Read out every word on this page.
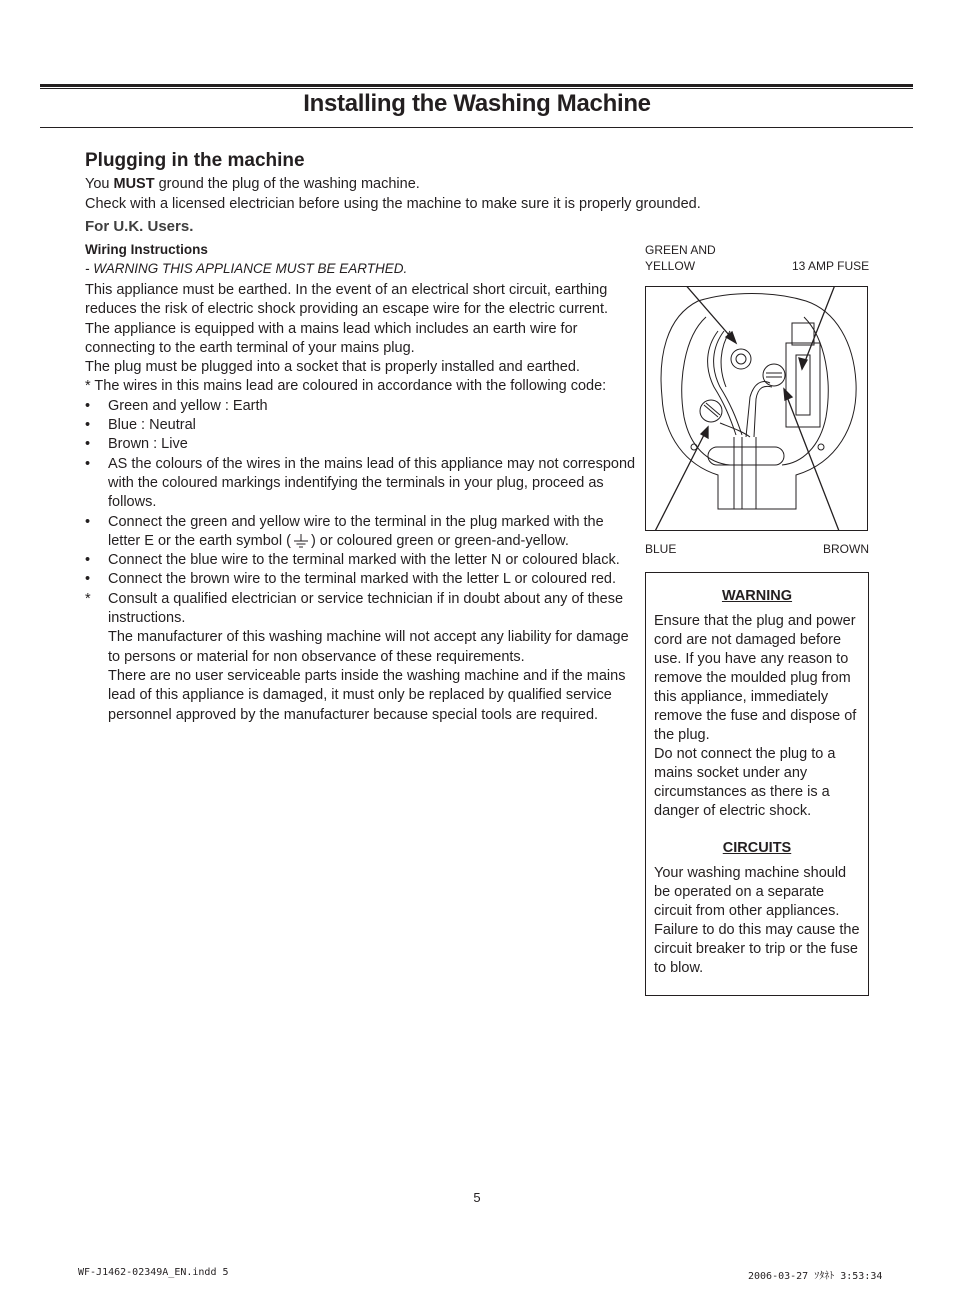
Installing the Washing Machine
Plugging in the machine
You MUST ground the plug of the washing machine.
Check with a licensed electrician before using the machine to make sure it is properly grounded.
For U.K. Users.
Wiring Instructions
- WARNING THIS APPLIANCE MUST BE EARTHED.

This appliance must be earthed. In the event of an electrical short circuit, earthing reduces the risk of electric shock providing an escape wire for the electric current.

The appliance is equipped with a mains lead which includes an earth wire for connecting to the earth terminal of your mains plug.

The plug must be plugged into a socket that is properly installed and earthed.

* The wires in this mains lead are coloured in accordance with the following code:

•	Green and yellow : Earth
•	Blue : Neutral
•	Brown : Live
•	AS the colours of the wires in the mains lead of this appliance may not correspond with the coloured markings indentifying the terminals in your plug, proceed as follows.
•	Connect the green and yellow wire to the terminal in the plug marked with the letter E or the earth symbol ( ) or coloured green or green-and-yellow.
•	Connect the blue wire to the terminal marked with the letter N or coloured black.
•	Connect the brown wire to the terminal marked with the letter L or coloured red.
*	Consult a qualified electrician or service technician if in doubt about any of these instructions.
The manufacturer of this washing machine will not accept any liability for damage to persons or material for non observance of these requirements.
There are no user serviceable parts inside the washing machine and if the mains lead of this appliance is damaged, it must only be replaced by qualified service personnel approved by the manufacturer because special tools are required.
GREEN AND
YELLOW	13 AMP FUSE
BLUE	BROWN
WARNING

Ensure that the plug and power cord are not damaged before use. If you have any reason to remove the moulded plug from this appliance, immediately remove the fuse and dispose of the plug.

Do not connect the plug to a mains socket under any circumstances as there is a danger of electric shock.

CIRCUITS

Your washing machine should be operated on a separate circuit from other appliances. Failure to do this may cause the circuit breaker to trip or the fuse to blow.

5
WF-J1462-02349A_EN.indd 5	2006-03-27 ｿﾀﾈﾄ 3:53:34
